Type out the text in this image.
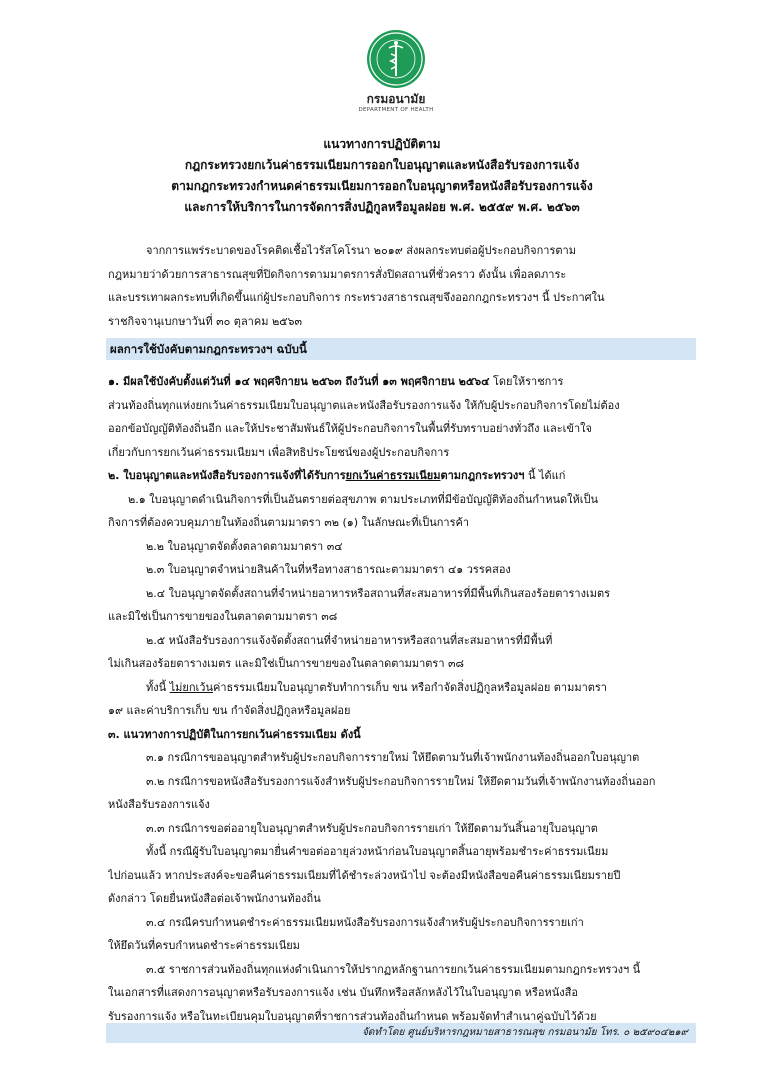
กรมอนามัย
DEPARTMENT OF HEALTH
แนวทางการปฏิบัติตาม
กฎกระทรวงยกเว้นค่าธรรมเนียมการออกใบอนุญาตและหนังสือรับรองการแจ้ง
ตามกฎกระทรวงกำหนดค่าธรรมเนียมการออกใบอนุญาตหรือหนังสือรับรองการแจ้ง
และการให้บริการในการจัดการสิ่งปฏิกูลหรือมูลฝอย พ.ศ. ๒๕๕๙ พ.ศ. ๒๕๖๓
จากการแพร่ระบาดของโรคติดเชื้อไวรัสโคโรนา ๒๐๑๙ ส่งผลกระทบต่อผู้ประกอบกิจการตาม
กฎหมายว่าด้วยการสาธารณสุขที่ปิดกิจการตามมาตรการสั่งปิดสถานที่ชั่วคราว ดังนั้น เพื่อลดภาระ
และบรรเทาผลกระทบที่เกิดขึ้นแก่ผู้ประกอบกิจการ กระทรวงสาธารณสุขจึงออกกฎกระทรวงฯ นี้ ประกาศใน
ราชกิจจานุเบกษาวันที่ ๓๐ ตุลาคม ๒๕๖๓
ผลการใช้บังคับตามกฎกระทรวงฯ ฉบับนี้
๑. มีผลใช้บังคับตั้งแต่วันที่ ๑๔ พฤศจิกายน ๒๕๖๓ ถึงวันที่ ๑๓ พฤศจิกายน ๒๕๖๔ โดยให้ราชการ
ส่วนท้องถิ่นทุกแห่งยกเว้นค่าธรรมเนียมใบอนุญาตและหนังสือรับรองการแจ้ง ให้กับผู้ประกอบกิจการโดยไม่ต้อง
ออกข้อบัญญัติท้องถิ่นอีก และให้ประชาสัมพันธ์ให้ผู้ประกอบกิจการในพื้นที่รับทราบอย่างทั่วถึง และเข้าใจ
เกี่ยวกับการยกเว้นค่าธรรมเนียมฯ เพื่อสิทธิประโยชน์ของผู้ประกอบกิจการ
๒. ใบอนุญาตและหนังสือรับรองการแจ้งที่ได้รับการยกเว้นค่าธรรมเนียมตามกฎกระทรวงฯ นี้ ได้แก่
๒.๑ ใบอนุญาตดำเนินกิจการที่เป็นอันตรายต่อสุขภาพ ตามประเภทที่มีข้อบัญญัติท้องถิ่นกำหนดให้เป็น
กิจการที่ต้องควบคุมภายในท้องถิ่นตามมาตรา ๓๒ (๑) ในลักษณะที่เป็นการค้า
๒.๒ ใบอนุญาตจัดตั้งตลาดตามมาตรา ๓๔
๒.๓ ใบอนุญาตจำหน่ายสินค้าในที่หรือทางสาธารณะตามมาตรา ๔๑ วรรคสอง
๒.๔ ใบอนุญาตจัดตั้งสถานที่จำหน่ายอาหารหรือสถานที่สะสมอาหารที่มีพื้นที่เกินสองร้อยตารางเมตร
และมิใช่เป็นการขายของในตลาดตามมาตรา ๓๘
๒.๕ หนังสือรับรองการแจ้งจัดตั้งสถานที่จำหน่ายอาหารหรือสถานที่สะสมอาหารที่มีพื้นที่
ไม่เกินสองร้อยตารางเมตร และมิใช่เป็นการขายของในตลาดตามมาตรา ๓๘
ทั้งนี้ ไม่ยกเว้นค่าธรรมเนียมใบอนุญาตรับทำการเก็บ ขน หรือกำจัดสิ่งปฏิกูลหรือมูลฝอย ตามมาตรา
๑๙ และค่าบริการเก็บ ขน กำจัดสิ่งปฏิกูลหรือมูลฝอย
๓. แนวทางการปฏิบัติในการยกเว้นค่าธรรมเนียม ดังนี้
๓.๑ กรณีการขออนุญาตสำหรับผู้ประกอบกิจการรายใหม่ ให้ยึดตามวันที่เจ้าพนักงานท้องถิ่นออกใบอนุญาต
๓.๒ กรณีการขอหนังสือรับรองการแจ้งสำหรับผู้ประกอบกิจการรายใหม่ ให้ยึดตามวันที่เจ้าพนักงานท้องถิ่นออก
หนังสือรับรองการแจ้ง
๓.๓ กรณีการขอต่ออายุใบอนุญาตสำหรับผู้ประกอบกิจการรายเก่า ให้ยึดตามวันสิ้นอายุใบอนุญาต
ทั้งนี้ กรณีผู้รับใบอนุญาตมายื่นคำขอต่ออายุล่วงหน้าก่อนใบอนุญาตสิ้นอายุพร้อมชำระค่าธรรมเนียม
ไปก่อนแล้ว หากประสงค์จะขอคืนค่าธรรมเนียมที่ได้ชำระล่วงหน้าไป จะต้องมีหนังสือขอคืนค่าธรรมเนียมรายปี
ดังกล่าว โดยยื่นหนังสือต่อเจ้าพนักงานท้องถิ่น
๓.๔ กรณีครบกำหนดชำระค่าธรรมเนียมหนังสือรับรองการแจ้งสำหรับผู้ประกอบกิจการรายเก่า
ให้ยึดวันที่ครบกำหนดชำระค่าธรรมเนียม
๓.๕ ราชการส่วนท้องถิ่นทุกแห่งดำเนินการให้ปรากฏหลักฐานการยกเว้นค่าธรรมเนียมตามกฎกระทรวงฯ นี้
ในเอกสารที่แสดงการอนุญาตหรือรับรองการแจ้ง เช่น บันทึกหรือสลักหลังไว้ในใบอนุญาต หรือหนังสือ
รับรองการแจ้ง หรือในทะเบียนคุมใบอนุญาตที่ราชการส่วนท้องถิ่นกำหนด พร้อมจัดทำสำเนาคู่ฉบับไว้ด้วย
จัดทำโดย ศูนย์บริหารกฎหมายสาธารณสุข กรมอนามัย โทร. ๐ ๒๕๙๐๔๒๑๙
